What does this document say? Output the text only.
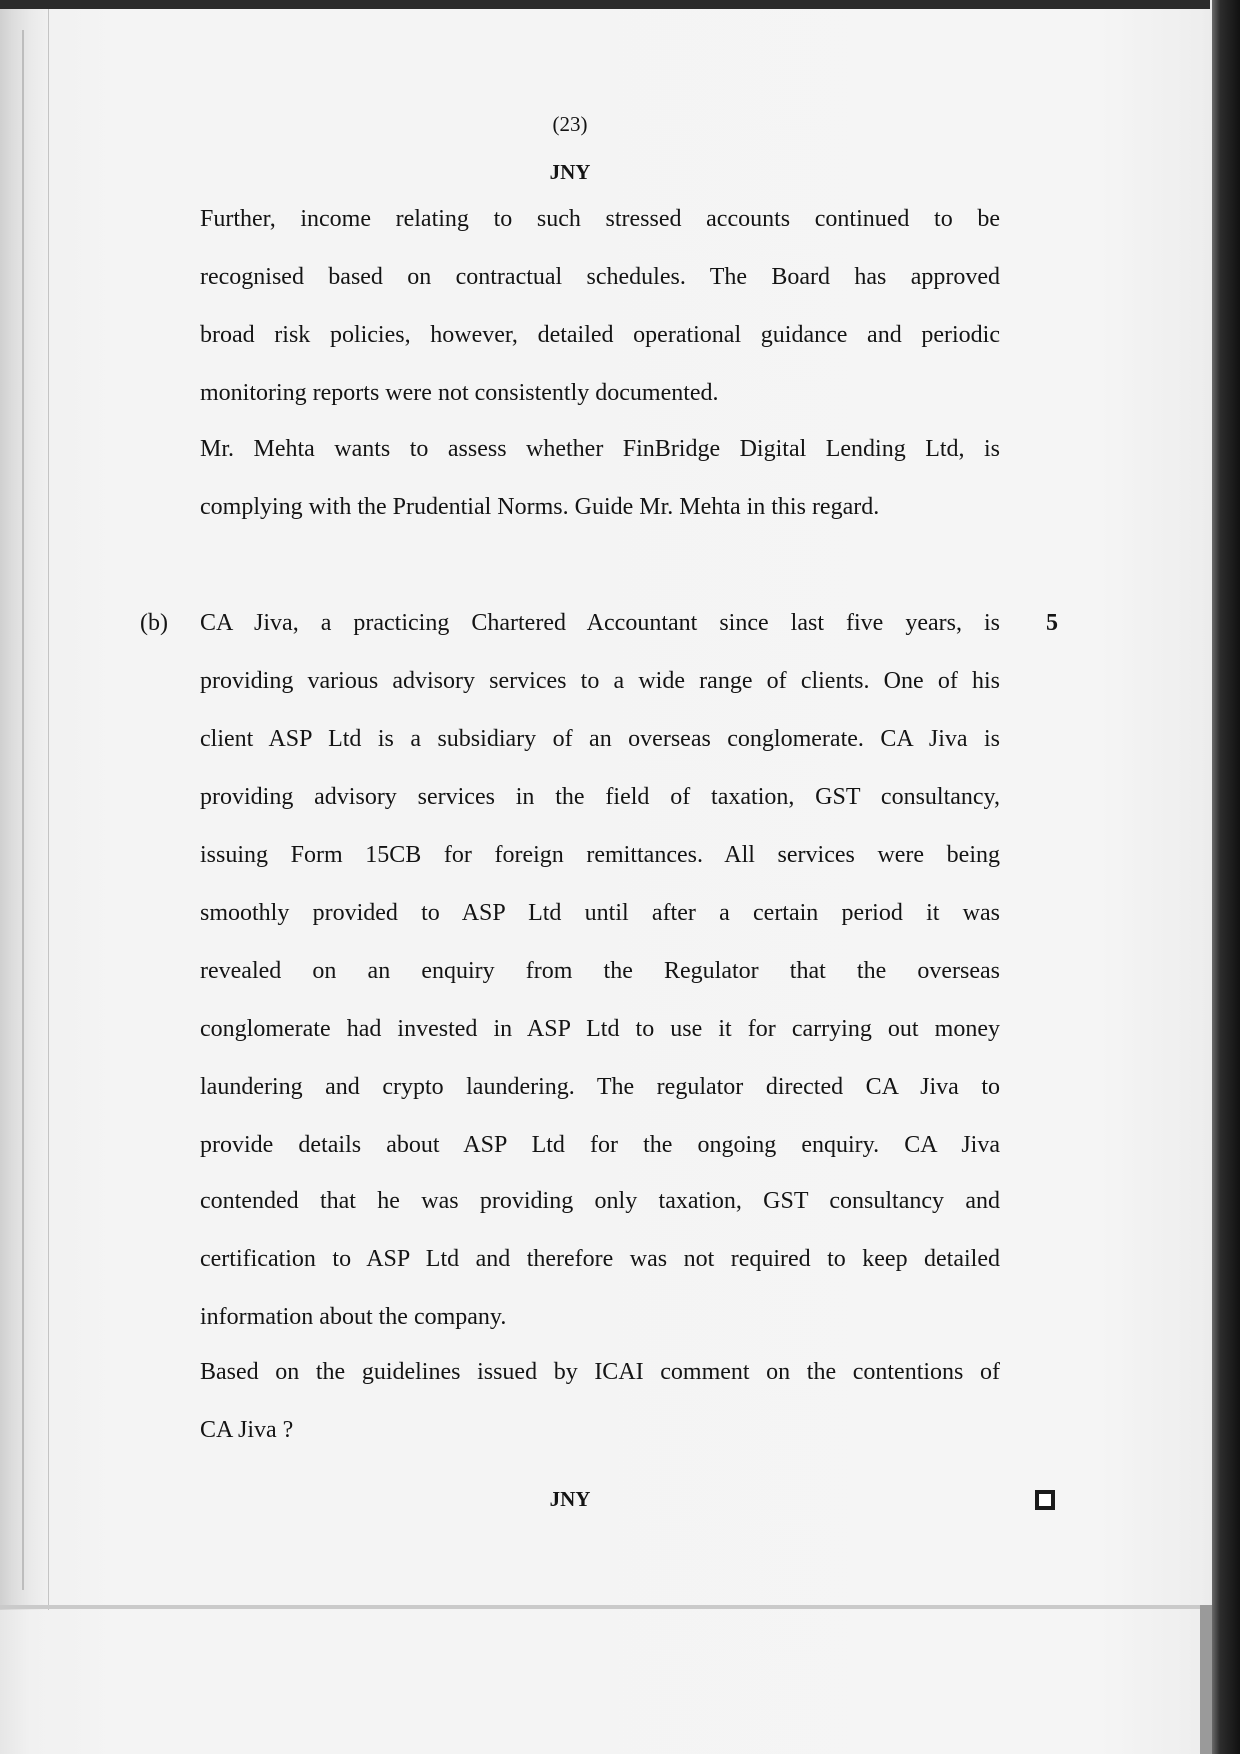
(23)
JNY
Further, income relating to such stressed accounts continued to be
recognised based on contractual schedules. The Board has approved
broad risk policies, however, detailed operational guidance and periodic
monitoring reports were not consistently documented.
Mr. Mehta wants to assess whether FinBridge Digital Lending Ltd, is
complying with the Prudential Norms. Guide Mr. Mehta in this regard.
(b)	5
CA Jiva, a practicing Chartered Accountant since last five years, is
providing various advisory services to a wide range of clients. One of his
client ASP Ltd is a subsidiary of an overseas conglomerate. CA Jiva is
providing advisory services in the field of taxation, GST consultancy,
issuing Form 15CB for foreign remittances. All services were being
smoothly provided to ASP Ltd until after a certain period it was
revealed on an enquiry from the Regulator that the overseas
conglomerate had invested in ASP Ltd to use it for carrying out money
laundering and crypto laundering. The regulator directed CA Jiva to
provide details about ASP Ltd for the ongoing enquiry. CA Jiva
contended that he was providing only taxation, GST consultancy and
certification to ASP Ltd and therefore was not required to keep detailed
information about the company.
Based on the guidelines issued by ICAI comment on the contentions of
CA Jiva ?
JNY
